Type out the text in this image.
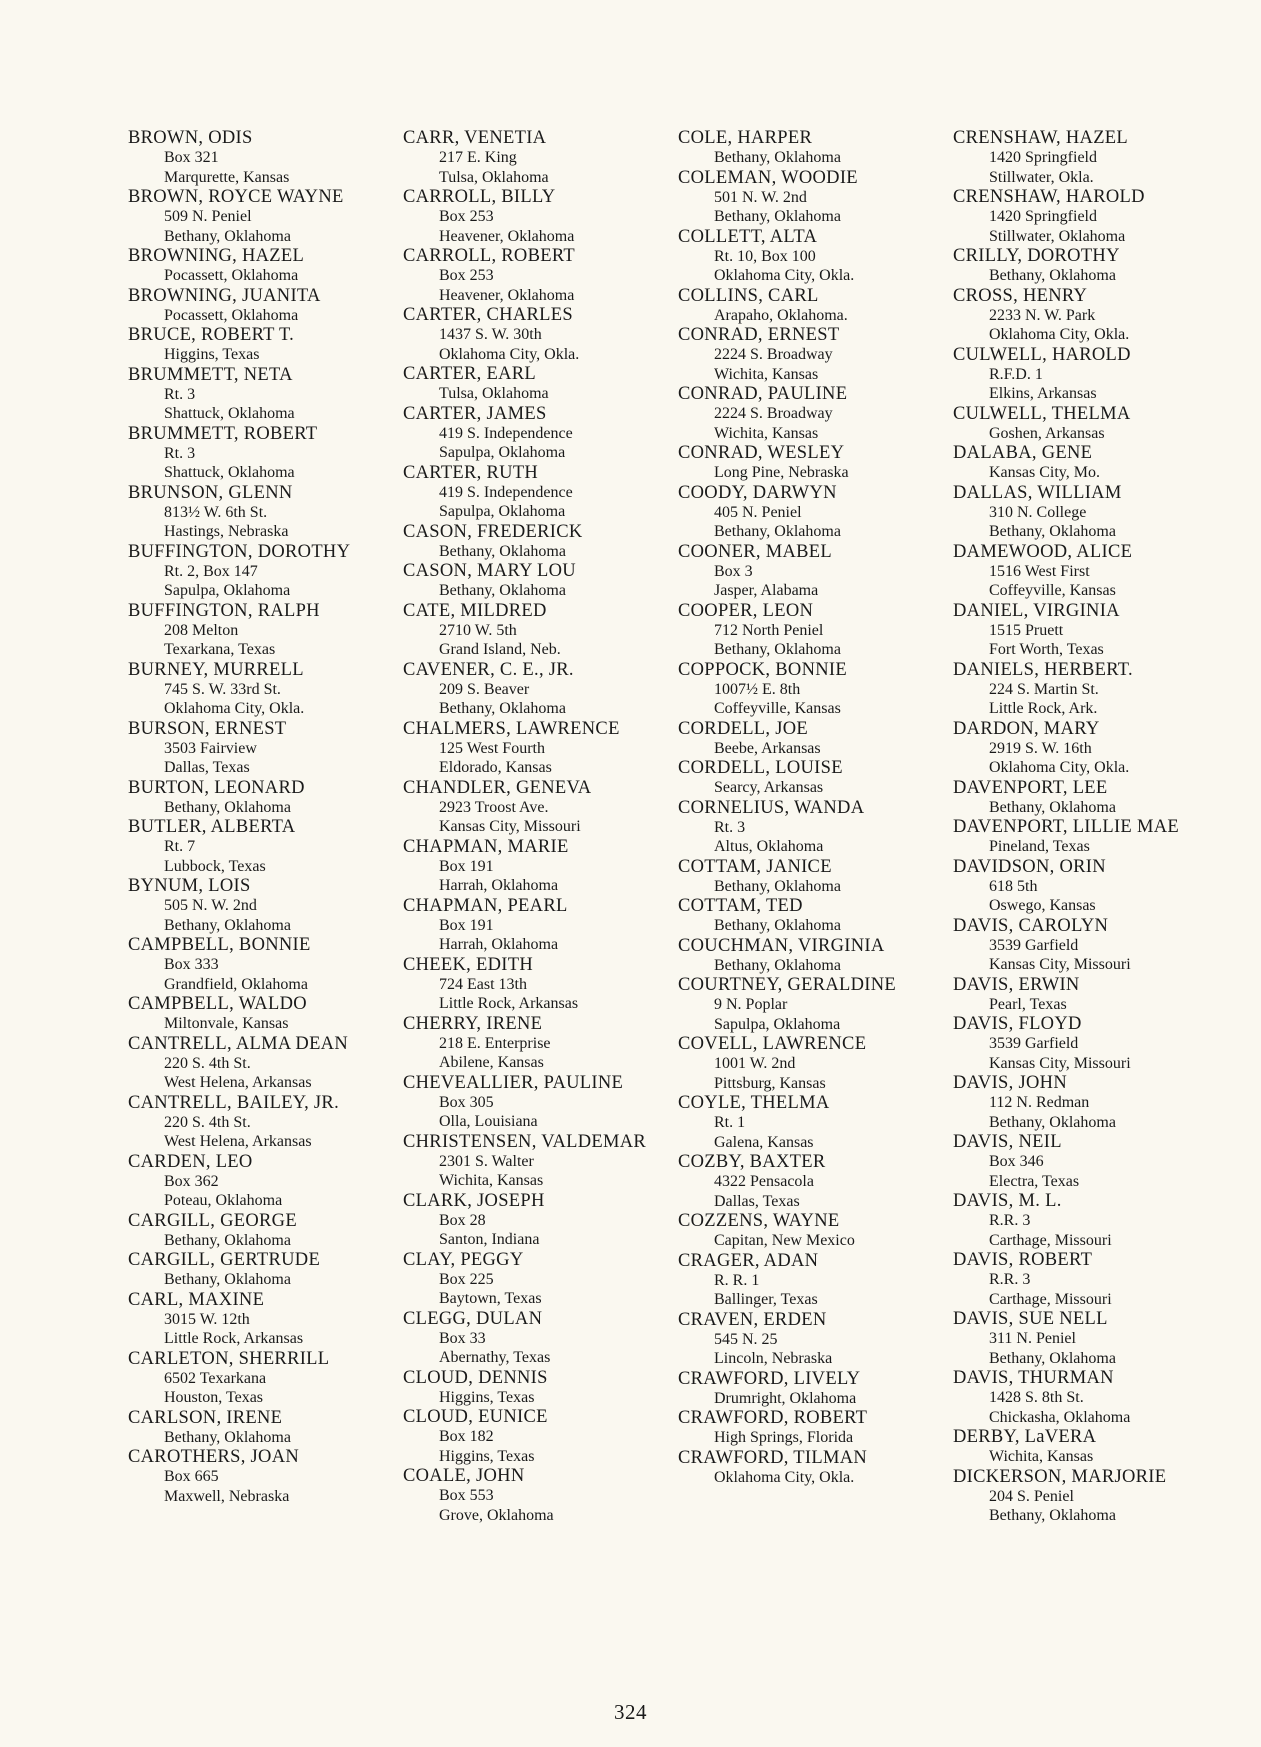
BROWN, ODIS
Box 321
Marqurette, Kansas
BROWN, ROYCE WAYNE
509 N. Peniel
Bethany, Oklahoma
BROWNING, HAZEL
Pocassett, Oklahoma
BROWNING, JUANITA
Pocassett, Oklahoma
BRUCE, ROBERT T.
Higgins, Texas
BRUMMETT, NETA
Rt. 3
Shattuck, Oklahoma
BRUMMETT, ROBERT
Rt. 3
Shattuck, Oklahoma
BRUNSON, GLENN
813½ W. 6th St.
Hastings, Nebraska
BUFFINGTON, DOROTHY
Rt. 2, Box 147
Sapulpa, Oklahoma
BUFFINGTON, RALPH
208 Melton
Texarkana, Texas
BURNEY, MURRELL
745 S. W. 33rd St.
Oklahoma City, Okla.
BURSON, ERNEST
3503 Fairview
Dallas, Texas
BURTON, LEONARD
Bethany, Oklahoma
BUTLER, ALBERTA
Rt. 7
Lubbock, Texas
BYNUM, LOIS
505 N. W. 2nd
Bethany, Oklahoma
CAMPBELL, BONNIE
Box 333
Grandfield, Oklahoma
CAMPBELL, WALDO
Miltonvale, Kansas
CANTRELL, ALMA DEAN
220 S. 4th St.
West Helena, Arkansas
CANTRELL, BAILEY, JR.
220 S. 4th St.
West Helena, Arkansas
CARDEN, LEO
Box 362
Poteau, Oklahoma
CARGILL, GEORGE
Bethany, Oklahoma
CARGILL, GERTRUDE
Bethany, Oklahoma
CARL, MAXINE
3015 W. 12th
Little Rock, Arkansas
CARLETON, SHERRILL
6502 Texarkana
Houston, Texas
CARLSON, IRENE
Bethany, Oklahoma
CAROTHERS, JOAN
Box 665
Maxwell, Nebraska
CARR, VENETIA
217 E. King
Tulsa, Oklahoma
CARROLL, BILLY
Box 253
Heavener, Oklahoma
CARROLL, ROBERT
Box 253
Heavener, Oklahoma
CARTER, CHARLES
1437 S. W. 30th
Oklahoma City, Okla.
CARTER, EARL
Tulsa, Oklahoma
CARTER, JAMES
419 S. Independence
Sapulpa, Oklahoma
CARTER, RUTH
419 S. Independence
Sapulpa, Oklahoma
CASON, FREDERICK
Bethany, Oklahoma
CASON, MARY LOU
Bethany, Oklahoma
CATE, MILDRED
2710 W. 5th
Grand Island, Neb.
CAVENER, C. E., JR.
209 S. Beaver
Bethany, Oklahoma
CHALMERS, LAWRENCE
125 West Fourth
Eldorado, Kansas
CHANDLER, GENEVA
2923 Troost Ave.
Kansas City, Missouri
CHAPMAN, MARIE
Box 191
Harrah, Oklahoma
CHAPMAN, PEARL
Box 191
Harrah, Oklahoma
CHEEK, EDITH
724 East 13th
Little Rock, Arkansas
CHERRY, IRENE
218 E. Enterprise
Abilene, Kansas
CHEVEALLIER, PAULINE
Box 305
Olla, Louisiana
CHRISTENSEN, VALDEMAR
2301 S. Walter
Wichita, Kansas
CLARK, JOSEPH
Box 28
Santon, Indiana
CLAY, PEGGY
Box 225
Baytown, Texas
CLEGG, DULAN
Box 33
Abernathy, Texas
CLOUD, DENNIS
Higgins, Texas
CLOUD, EUNICE
Box 182
Higgins, Texas
COALE, JOHN
Box 553
Grove, Oklahoma
COLE, HARPER
Bethany, Oklahoma
COLEMAN, WOODIE
501 N. W. 2nd
Bethany, Oklahoma
COLLETT, ALTA
Rt. 10, Box 100
Oklahoma City, Okla.
COLLINS, CARL
Arapaho, Oklahoma.
CONRAD, ERNEST
2224 S. Broadway
Wichita, Kansas
CONRAD, PAULINE
2224 S. Broadway
Wichita, Kansas
CONRAD, WESLEY
Long Pine, Nebraska
COODY, DARWYN
405 N. Peniel
Bethany, Oklahoma
COONER, MABEL
Box 3
Jasper, Alabama
COOPER, LEON
712 North Peniel
Bethany, Oklahoma
COPPOCK, BONNIE
1007½ E. 8th
Coffeyville, Kansas
CORDELL, JOE
Beebe, Arkansas
CORDELL, LOUISE
Searcy, Arkansas
CORNELIUS, WANDA
Rt. 3
Altus, Oklahoma
COTTAM, JANICE
Bethany, Oklahoma
COTTAM, TED
Bethany, Oklahoma
COUCHMAN, VIRGINIA
Bethany, Oklahoma
COURTNEY, GERALDINE
9 N. Poplar
Sapulpa, Oklahoma
COVELL, LAWRENCE
1001 W. 2nd
Pittsburg, Kansas
COYLE, THELMA
Rt. 1
Galena, Kansas
COZBY, BAXTER
4322 Pensacola
Dallas, Texas
COZZENS, WAYNE
Capitan, New Mexico
CRAGER, ADAN
R. R. 1
Ballinger, Texas
CRAVEN, ERDEN
545 N. 25
Lincoln, Nebraska
CRAWFORD, LIVELY
Drumright, Oklahoma
CRAWFORD, ROBERT
High Springs, Florida
CRAWFORD, TILMAN
Oklahoma City, Okla.
CRENSHAW, HAZEL
1420 Springfield
Stillwater, Okla.
CRENSHAW, HAROLD
1420 Springfield
Stillwater, Oklahoma
CRILLY, DOROTHY
Bethany, Oklahoma
CROSS, HENRY
2233 N. W. Park
Oklahoma City, Okla.
CULWELL, HAROLD
R.F.D. 1
Elkins, Arkansas
CULWELL, THELMA
Goshen, Arkansas
DALABA, GENE
Kansas City, Mo.
DALLAS, WILLIAM
310 N. College
Bethany, Oklahoma
DAMEWOOD, ALICE
1516 West First
Coffeyville, Kansas
DANIEL, VIRGINIA
1515 Pruett
Fort Worth, Texas
DANIELS, HERBERT.
224 S. Martin St.
Little Rock, Ark.
DARDON, MARY
2919 S. W. 16th
Oklahoma City, Okla.
DAVENPORT, LEE
Bethany, Oklahoma
DAVENPORT, LILLIE MAE
Pineland, Texas
DAVIDSON, ORIN
618 5th
Oswego, Kansas
DAVIS, CAROLYN
3539 Garfield
Kansas City, Missouri
DAVIS, ERWIN
Pearl, Texas
DAVIS, FLOYD
3539 Garfield
Kansas City, Missouri
DAVIS, JOHN
112 N. Redman
Bethany, Oklahoma
DAVIS, NEIL
Box 346
Electra, Texas
DAVIS, M. L.
R.R. 3
Carthage, Missouri
DAVIS, ROBERT
R.R. 3
Carthage, Missouri
DAVIS, SUE NELL
311 N. Peniel
Bethany, Oklahoma
DAVIS, THURMAN
1428 S. 8th St.
Chickasha, Oklahoma
DERBY, LaVERA
Wichita, Kansas
DICKERSON, MARJORIE
204 S. Peniel
Bethany, Oklahoma
324
